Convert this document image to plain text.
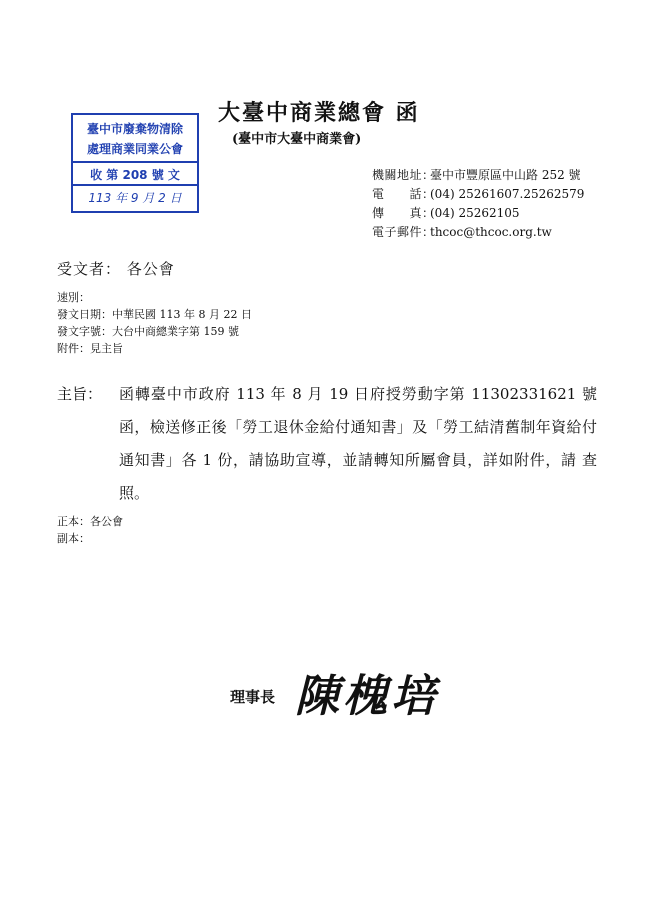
大臺中商業總會 函
(臺中市大臺中商業會)
臺中市廢棄物清除
處理商業同業公會
收 第 208 號 文
113 年 9 月 2 日
機關地址：臺中市豐原區中山路 252 號
電　　話：(04) 25261607.25262579
傳　　真：(04) 25262105
電子郵件：thcoc@thcoc.org.tw
受文者： 各公會
速別：
發文日期：中華民國 113 年 8 月 22 日
發文字號：大台中商總業字第 159 號
附件：見主旨
主旨： 函轉臺中市政府 113 年 8 月 19 日府授勞動字第 11302331621 號函，檢送修正後「勞工退休金給付通知書」及「勞工結清舊制年資給付通知書」各 1 份，請協助宣導，並請轉知所屬會員，詳如附件，請 查照。
正本：各公會
副本：
理事長 陳槐培
